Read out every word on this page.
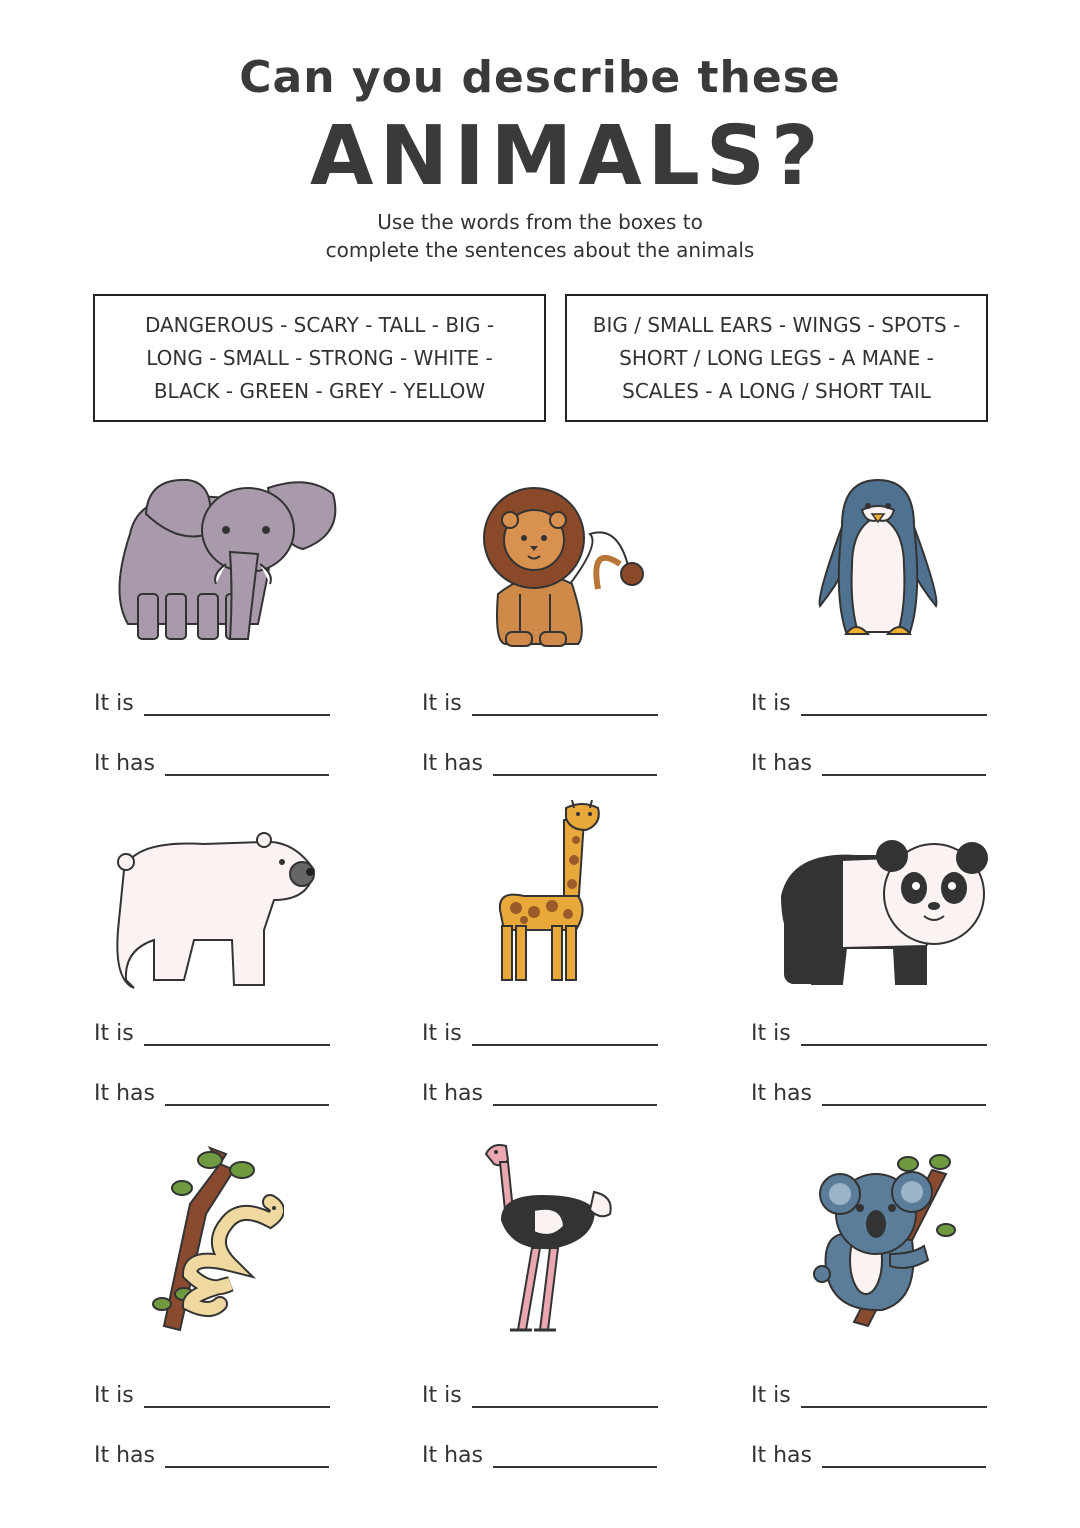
Can you describe these
ANIMALS?
Use the words from the boxes to
complete the sentences about the animals
DANGEROUS - SCARY - TALL - BIG -
LONG - SMALL - STRONG - WHITE -
BLACK - GREEN - GREY - YELLOW
BIG / SMALL EARS - WINGS - SPOTS -
SHORT / LONG LEGS - A MANE -
SCALES - A LONG / SHORT TAIL
It is
It has
It is
It has
It is
It has
It is
It has
It is
It has
It is
It has
It is
It has
It is
It has
It is
It has
